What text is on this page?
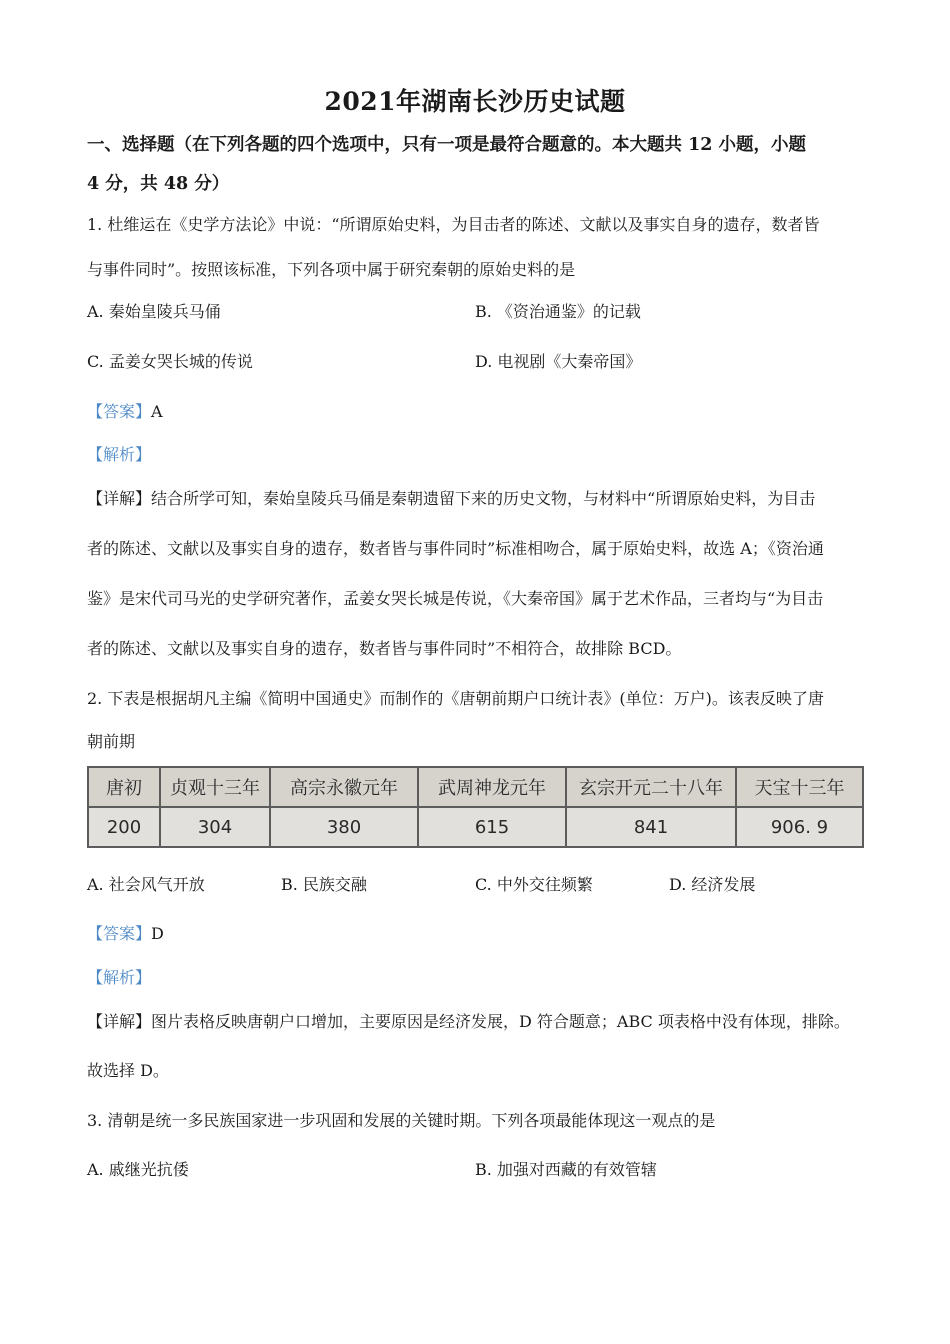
2021年湖南长沙历史试题
一、选择题（在下列各题的四个选项中，只有一项是最符合题意的。本大题共 12 小题，小题
4 分，共 48 分）
1. 杜维运在《史学方法论》中说：“所谓原始史料，为目击者的陈述、文献以及事实自身的遗存，数者皆
与事件同时”。按照该标准，下列各项中属于研究秦朝的原始史料的是
A. 秦始皇陵兵马俑	B. 《资治通鉴》的记载
C. 孟姜女哭长城的传说	D. 电视剧《大秦帝国》
【答案】A
【解析】
【详解】结合所学可知，秦始皇陵兵马俑是秦朝遗留下来的历史文物，与材料中“所谓原始史料，为目击
者的陈述、文献以及事实自身的遗存，数者皆与事件同时”标准相吻合，属于原始史料，故选 A；《资治通
鉴》是宋代司马光的史学研究著作，孟姜女哭长城是传说，《大秦帝国》属于艺术作品，三者均与“为目击
者的陈述、文献以及事实自身的遗存，数者皆与事件同时”不相符合，故排除 BCD。
2. 下表是根据胡凡主编《简明中国通史》而制作的《唐朝前期户口统计表》(单位：万户)。该表反映了唐
朝前期
唐初	贞观十三年	高宗永徽元年	武周神龙元年	玄宗开元二十八年	天宝十三年
200	304	380	615	841	906. 9
A. 社会风气开放	B. 民族交融	C. 中外交往频繁	D. 经济发展
【答案】D
【解析】
【详解】图片表格反映唐朝户口增加，主要原因是经济发展，D 符合题意；ABC 项表格中没有体现，排除。
故选择 D。
3. 清朝是统一多民族国家进一步巩固和发展的关键时期。下列各项最能体现这一观点的是
A. 戚继光抗倭	B. 加强对西藏的有效管辖
